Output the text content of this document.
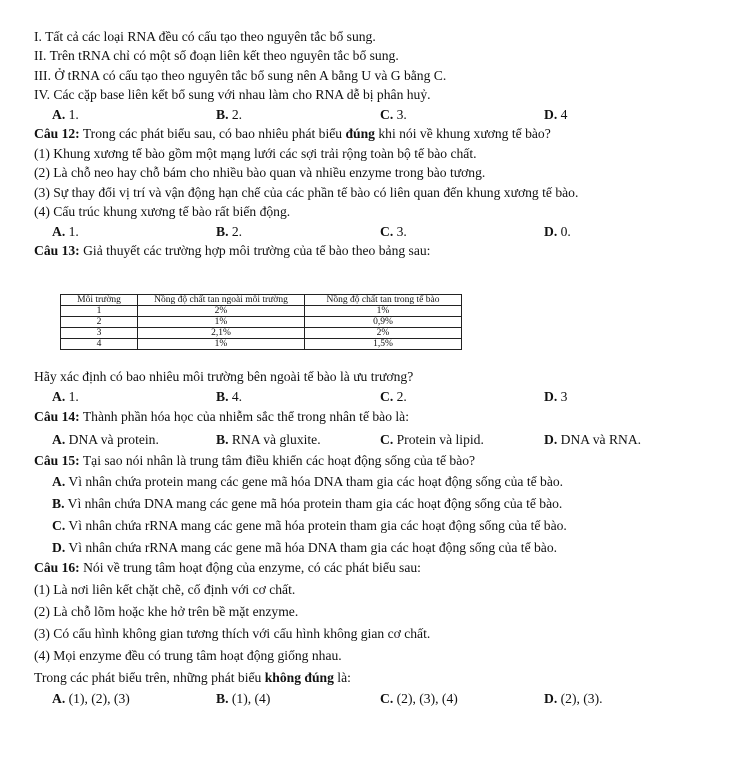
I. Tất cả các loại RNA đều có cấu tạo theo nguyên tắc bổ sung.
II. Trên tRNA chỉ có một số đoạn liên kết theo nguyên tắc bổ sung.
III. Ở tRNA có cấu tạo theo nguyên tắc bổ sung nên A bằng U và G bằng C.
IV. Các cặp base liên kết bổ sung với nhau làm cho RNA dễ bị phân huỷ.
A. 1.	B. 2.	C. 3.	D. 4
Câu 12: Trong các phát biểu sau, có bao nhiêu phát biểu đúng khi nói về khung xương tế bào?
(1) Khung xương tế bào gồm một mạng lưới các sợi trải rộng toàn bộ tế bào chất.
(2) Là chỗ neo hay chỗ bám cho nhiều bào quan và nhiều enzyme trong bào tương.
(3) Sự thay đổi vị trí và vận động hạn chế của các phần tế bào có liên quan đến khung xương tế bào.
(4) Cấu trúc khung xương tế bào rất biến động.
A. 1.	B. 2.	C. 3.	D. 0.
Câu 13: Giả thuyết các trường hợp môi trường của tế bào theo bảng sau:
Môi trường	Nồng độ chất tan ngoài môi trường	Nồng độ chất tan trong tế bào
1	2%	1%
2	1%	0,9%
3	2,1%	2%
4	1%	1,5%
Hãy xác định có bao nhiêu môi trường bên ngoài tế bào là ưu trương?
A. 1.	B. 4.	C. 2.	D. 3
Câu 14: Thành phần hóa học của nhiễm sắc thể trong nhân tế bào là:
A. DNA và protein.	B. RNA và gluxite.	C. Protein và lipid.	D. DNA và RNA.
Câu 15: Tại sao nói nhân là trung tâm điều khiển các hoạt động sống của tế bào?
A. Vì nhân chứa protein mang các gene mã hóa DNA tham gia các hoạt động sống của tế bào.
B. Vì nhân chứa DNA mang các gene mã hóa protein tham gia các hoạt động sống của tế bào.
C. Vì nhân chứa rRNA mang các gene mã hóa protein tham gia các hoạt động sống của tế bào.
D. Vì nhân chứa rRNA mang các gene mã hóa DNA tham gia các hoạt động sống của tế bào.
Câu 16: Nói về trung tâm hoạt động của enzyme, có các phát biểu sau:
(1) Là nơi liên kết chặt chẽ, cố định với cơ chất.
(2) Là chỗ lõm hoặc khe hở trên bề mặt enzyme.
(3) Có cấu hình không gian tương thích với cấu hình không gian cơ chất.
(4) Mọi enzyme đều có trung tâm hoạt động giống nhau.
Trong các phát biểu trên, những phát biểu không đúng là:
A. (1), (2), (3)	B. (1), (4)	C. (2), (3), (4)	D. (2), (3).
